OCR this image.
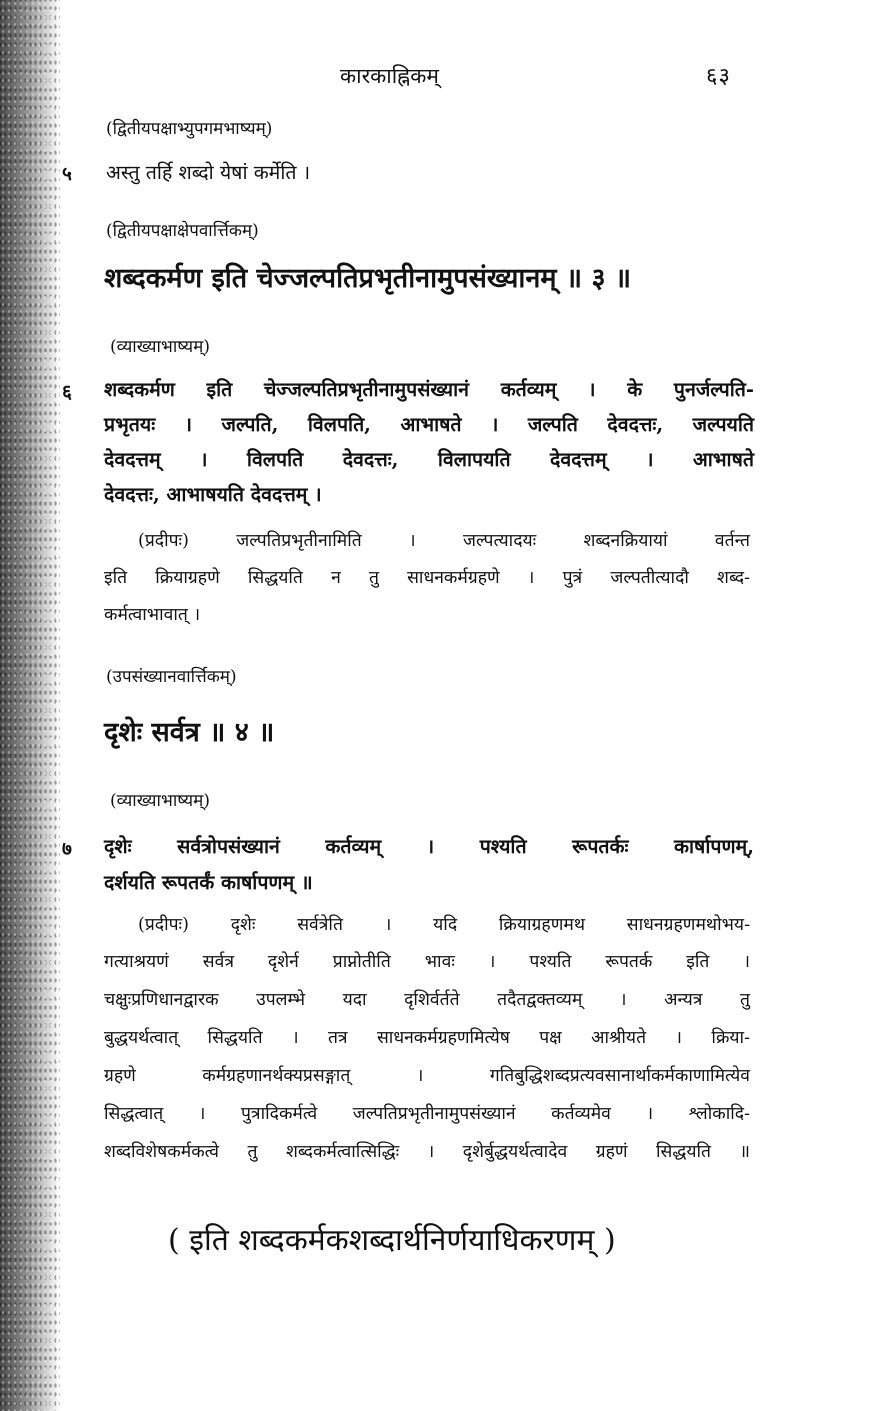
कारकाह्निकम्	६३
(द्वितीयपक्षाभ्युपगमभाष्यम्)
५ अस्तु तर्हि शब्दो येषां कर्मेति ।
(द्वितीयपक्षाक्षेपवार्त्तिकम्)
शब्दकर्मण इति चेज्जल्पतिप्रभृतीनामुपसंख्यानम् ॥ ३ ॥
(व्याख्याभाष्यम्)
६ शब्दकर्मण इति चेज्जल्पतिप्रभृतीनामुपसंख्यानं कर्तव्यम् । के पुनर्जल्पति-
प्रभृतयः । जल्पति, विलपति, आभाषते । जल्पति देवदत्तः, जल्पयति
देवदत्तम् । विलपति देवदत्तः, विलापयति देवदत्तम् । आभाषते
देवदत्तः, आभाषयति देवदत्तम् ।
(प्रदीपः) जल्पतिप्रभृतीनामिति । जल्पत्यादयः शब्दनक्रियायां वर्तन्त
इति क्रियाग्रहणे सिद्धयति न तु साधनकर्मग्रहणे । पुत्रं जल्पतीत्यादौ शब्द-
कर्मत्वाभावात् ।
(उपसंख्यानवार्त्तिकम्)
दृशेः सर्वत्र ॥ ४ ॥
(व्याख्याभाष्यम्)
७ दृशेः सर्वत्रोपसंख्यानं कर्तव्यम् । पश्यति रूपतर्कः कार्षापणम्,
दर्शयति रूपतर्कं कार्षापणम् ॥
(प्रदीपः) दृशेः सर्वत्रेति । यदि क्रियाग्रहणमथ साधनग्रहणमथोभय-
गत्याश्रयणं सर्वत्र दृशेर्न प्राप्नोतीति भावः । पश्यति रूपतर्क इति ।
चक्षुःप्रणिधानद्वारक उपलम्भे यदा दृशिर्वर्तते तदैतद्वक्तव्यम् । अन्यत्र तु
बुद्धयर्थत्वात् सिद्धयति । तत्र साधनकर्मग्रहणमित्येष पक्ष आश्रीयते । क्रिया-
ग्रहणे कर्मग्रहणानर्थक्यप्रसङ्गात् । गतिबुद्धिशब्दप्रत्यवसानार्थाकर्मकाणामित्येव
सिद्धत्वात् । पुत्रादिकर्मत्वे जल्पतिप्रभृतीनामुपसंख्यानं कर्तव्यमेव । श्लोकादि-
शब्दविशेषकर्मकत्वे तु शब्दकर्मत्वात्सिद्धिः । दृशेर्बुद्धयर्थत्वादेव ग्रहणं सिद्धयति ॥
( इति शब्दकर्मकशब्दार्थनिर्णयाधिकरणम् )
